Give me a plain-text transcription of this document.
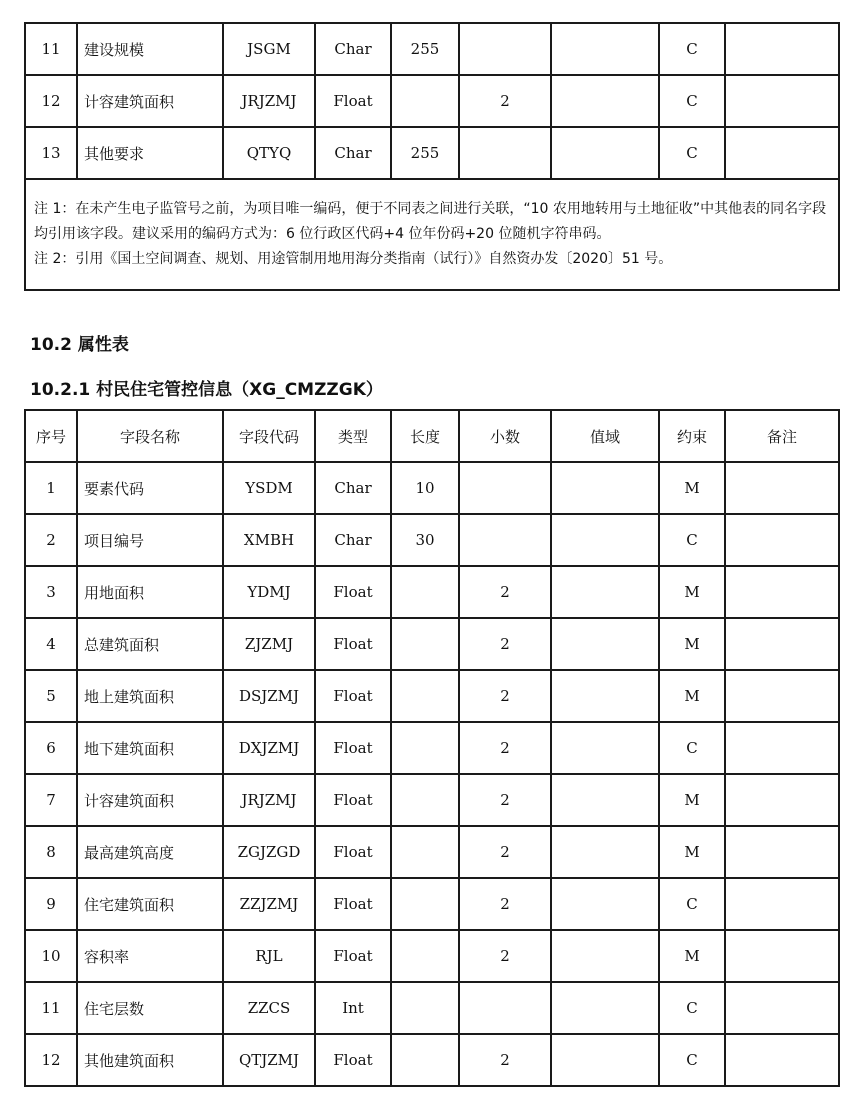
11	建设规模	JSGM	Char	255			C	
12	计容建筑面积	JRJZMJ	Float		2		C	
13	其他要求	QTYQ	Char	255			C	

注 1：在未产生电子监管号之前，为项目唯一编码，便于不同表之间进行关联，“10 农用地转用与土地征收”中其他表的同名字段均引用该字段。建议采用的编码方式为：6 位行政区代码+4 位年份码+20 位随机字符串码。
注 2：引用《国土空间调查、规划、用途管制用地用海分类指南（试行）》自然资办发〔2020〕51 号。								
10.2 属性表
10.2.1 村民住宅管控信息（XG_CMZZGK）
序号	字段名称	字段代码	类型	长度	小数	值域	约束	备注
1	要素代码	YSDM	Char	10			M	
2	项目编号	XMBH	Char	30			C	
3	用地面积	YDMJ	Float		2		M	
4	总建筑面积	ZJZMJ	Float		2		M	
5	地上建筑面积	DSJZMJ	Float		2		M	
6	地下建筑面积	DXJZMJ	Float		2		C	
7	计容建筑面积	JRJZMJ	Float		2		M	
8	最高建筑高度	ZGJZGD	Float		2		M	
9	住宅建筑面积	ZZJZMJ	Float		2		C	
10	容积率	RJL	Float		2		M	
11	住宅层数	ZZCS	Int				C	
12	其他建筑面积	QTJZMJ	Float		2		C	
